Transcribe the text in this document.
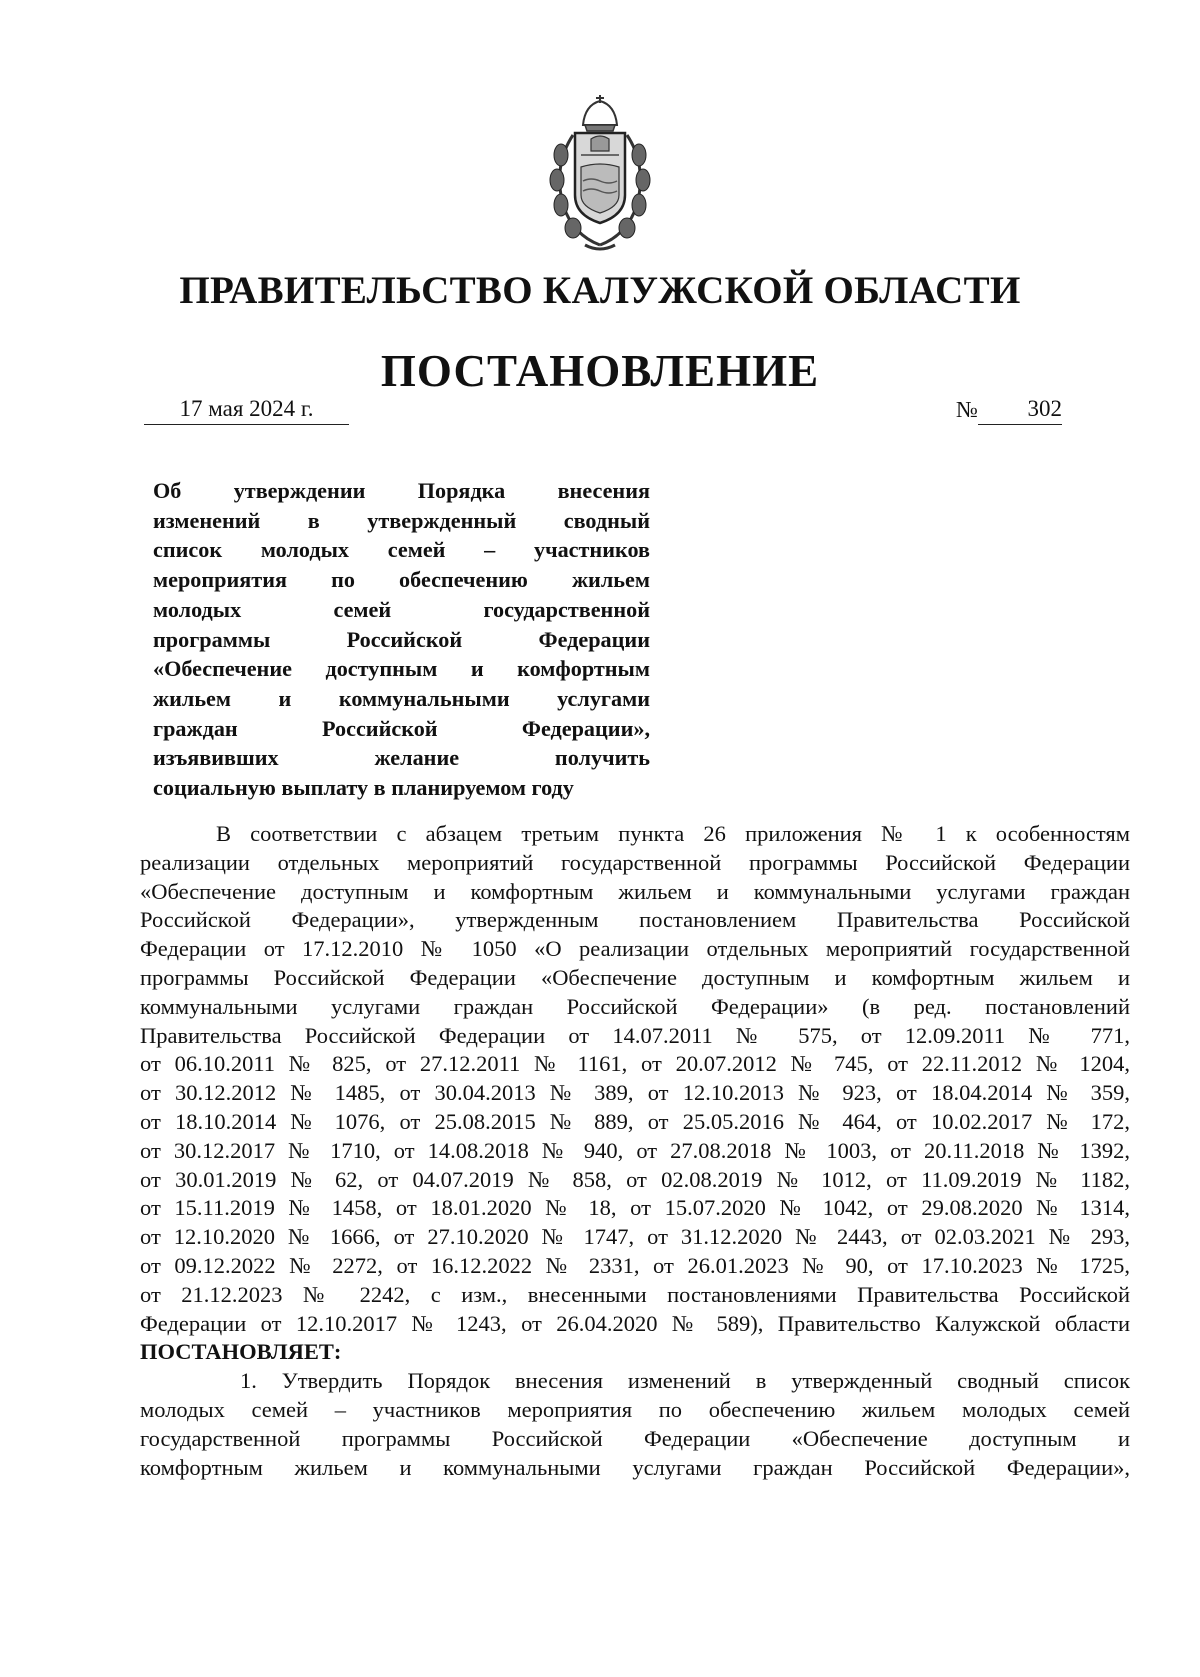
ПРАВИТЕЛЬСТВО КАЛУЖСКОЙ ОБЛАСТИ
ПОСТАНОВЛЕНИЕ
17 мая 2024 г.	№ 302
Об утверждении Порядка внесения
изменений в утвержденный сводный
список молодых семей – участников
мероприятия по обеспечению жильем
молодых семей государственной
программы Российской Федерации
«Обеспечение доступным и комфортным
жильем и коммунальными услугами
граждан Российской Федерации»,
изъявивших желание получить
социальную выплату в планируемом году
В соответствии с абзацем третьим пункта 26 приложения № 1 к особенностям
реализации отдельных мероприятий государственной программы Российской Федерации
«Обеспечение доступным и комфортным жильем и коммунальными услугами граждан
Российской Федерации», утвержденным постановлением Правительства Российской
Федерации от 17.12.2010 № 1050 «О реализации отдельных мероприятий государственной
программы Российской Федерации «Обеспечение доступным и комфортным жильем и
коммунальными услугами граждан Российской Федерации» (в ред. постановлений
Правительства Российской Федерации от 14.07.2011 № 575, от 12.09.2011 № 771,
от 06.10.2011 № 825, от 27.12.2011 № 1161, от 20.07.2012 № 745, от 22.11.2012 № 1204,
от 30.12.2012 № 1485, от 30.04.2013 № 389, от 12.10.2013 № 923, от 18.04.2014 № 359,
от 18.10.2014 № 1076, от 25.08.2015 № 889, от 25.05.2016 № 464, от 10.02.2017 № 172,
от 30.12.2017 № 1710, от 14.08.2018 № 940, от 27.08.2018 № 1003, от 20.11.2018 № 1392,
от 30.01.2019 № 62, от 04.07.2019 № 858, от 02.08.2019 № 1012, от 11.09.2019 № 1182,
от 15.11.2019 № 1458, от 18.01.2020 № 18, от 15.07.2020 № 1042, от 29.08.2020 № 1314,
от 12.10.2020 № 1666, от 27.10.2020 № 1747, от 31.12.2020 № 2443, от 02.03.2021 № 293,
от 09.12.2022 № 2272, от 16.12.2022 № 2331, от 26.01.2023 № 90, от 17.10.2023 № 1725,
от 21.12.2023 № 2242, с изм., внесенными постановлениями Правительства Российской
Федерации от 12.10.2017 № 1243, от 26.04.2020 № 589), Правительство Калужской области
ПОСТАНОВЛЯЕТ:
1. Утвердить Порядок внесения изменений в утвержденный сводный список
молодых семей – участников мероприятия по обеспечению жильем молодых семей
государственной программы Российской Федерации «Обеспечение доступным и
комфортным жильем и коммунальными услугами граждан Российской Федерации»,
